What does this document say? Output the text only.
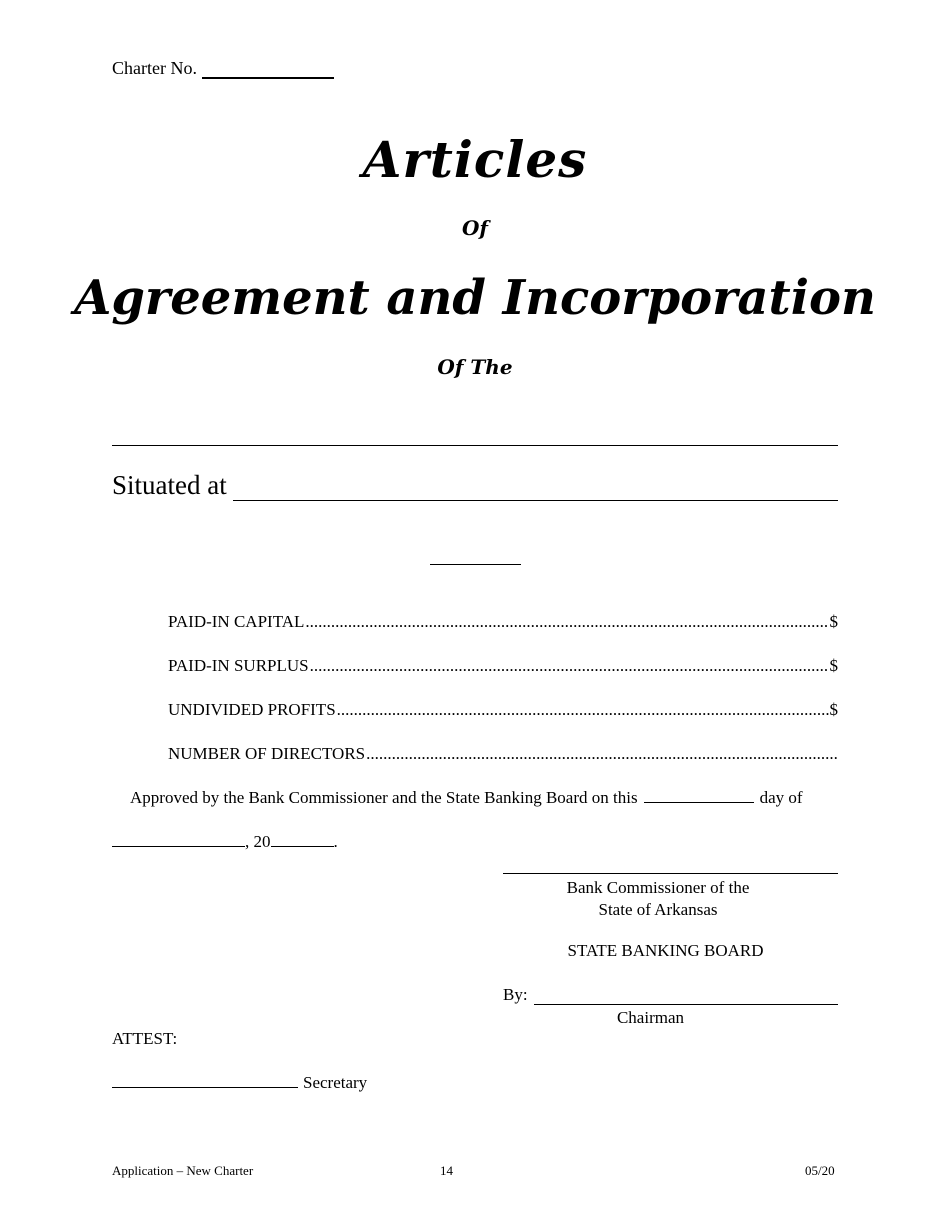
Charter No.
Articles
Of
Agreement and Incorporation
Of The
Situated at
PAID-IN CAPITAL .....	$
PAID-IN SURPLUS .....	$
UNDIVIDED PROFITS .....	$
NUMBER OF DIRECTORS
.....
Approved by the Bank Commissioner and the State Banking Board on this	day of
, 20	.
Bank Commissioner of the
State of Arkansas
STATE BANKING BOARD
By:
Chairman
ATTEST:
Secretary
Application – New Charter	14	05/20
